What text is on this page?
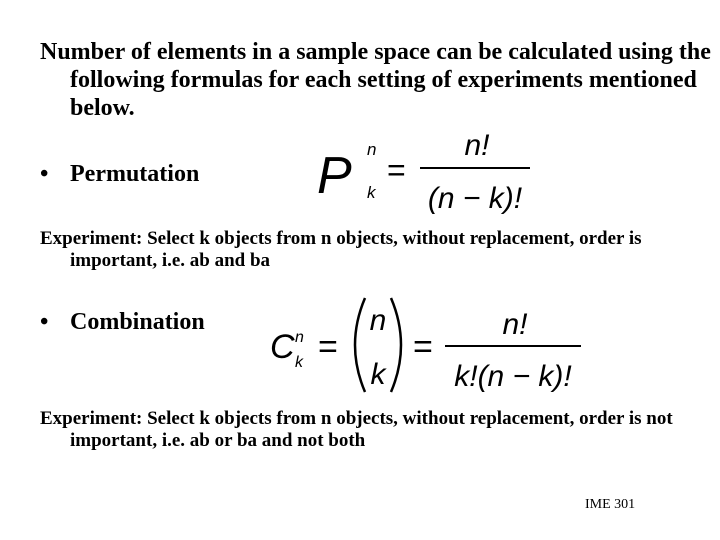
Number of elements in a sample space can be calculated using the following formulas for each setting of experiments mentioned below.

• Permutation P n
k
=
n!
(n − k)!

Experiment: Select k objects from n objects, without replacement, order is important, i.e. ab and ba

• Combination
C n
k =
n
k
=
n!
k!(n − k)!

Experiment: Select k objects from n objects, without replacement, order is not important, i.e. ab or ba and not both

IME 301
